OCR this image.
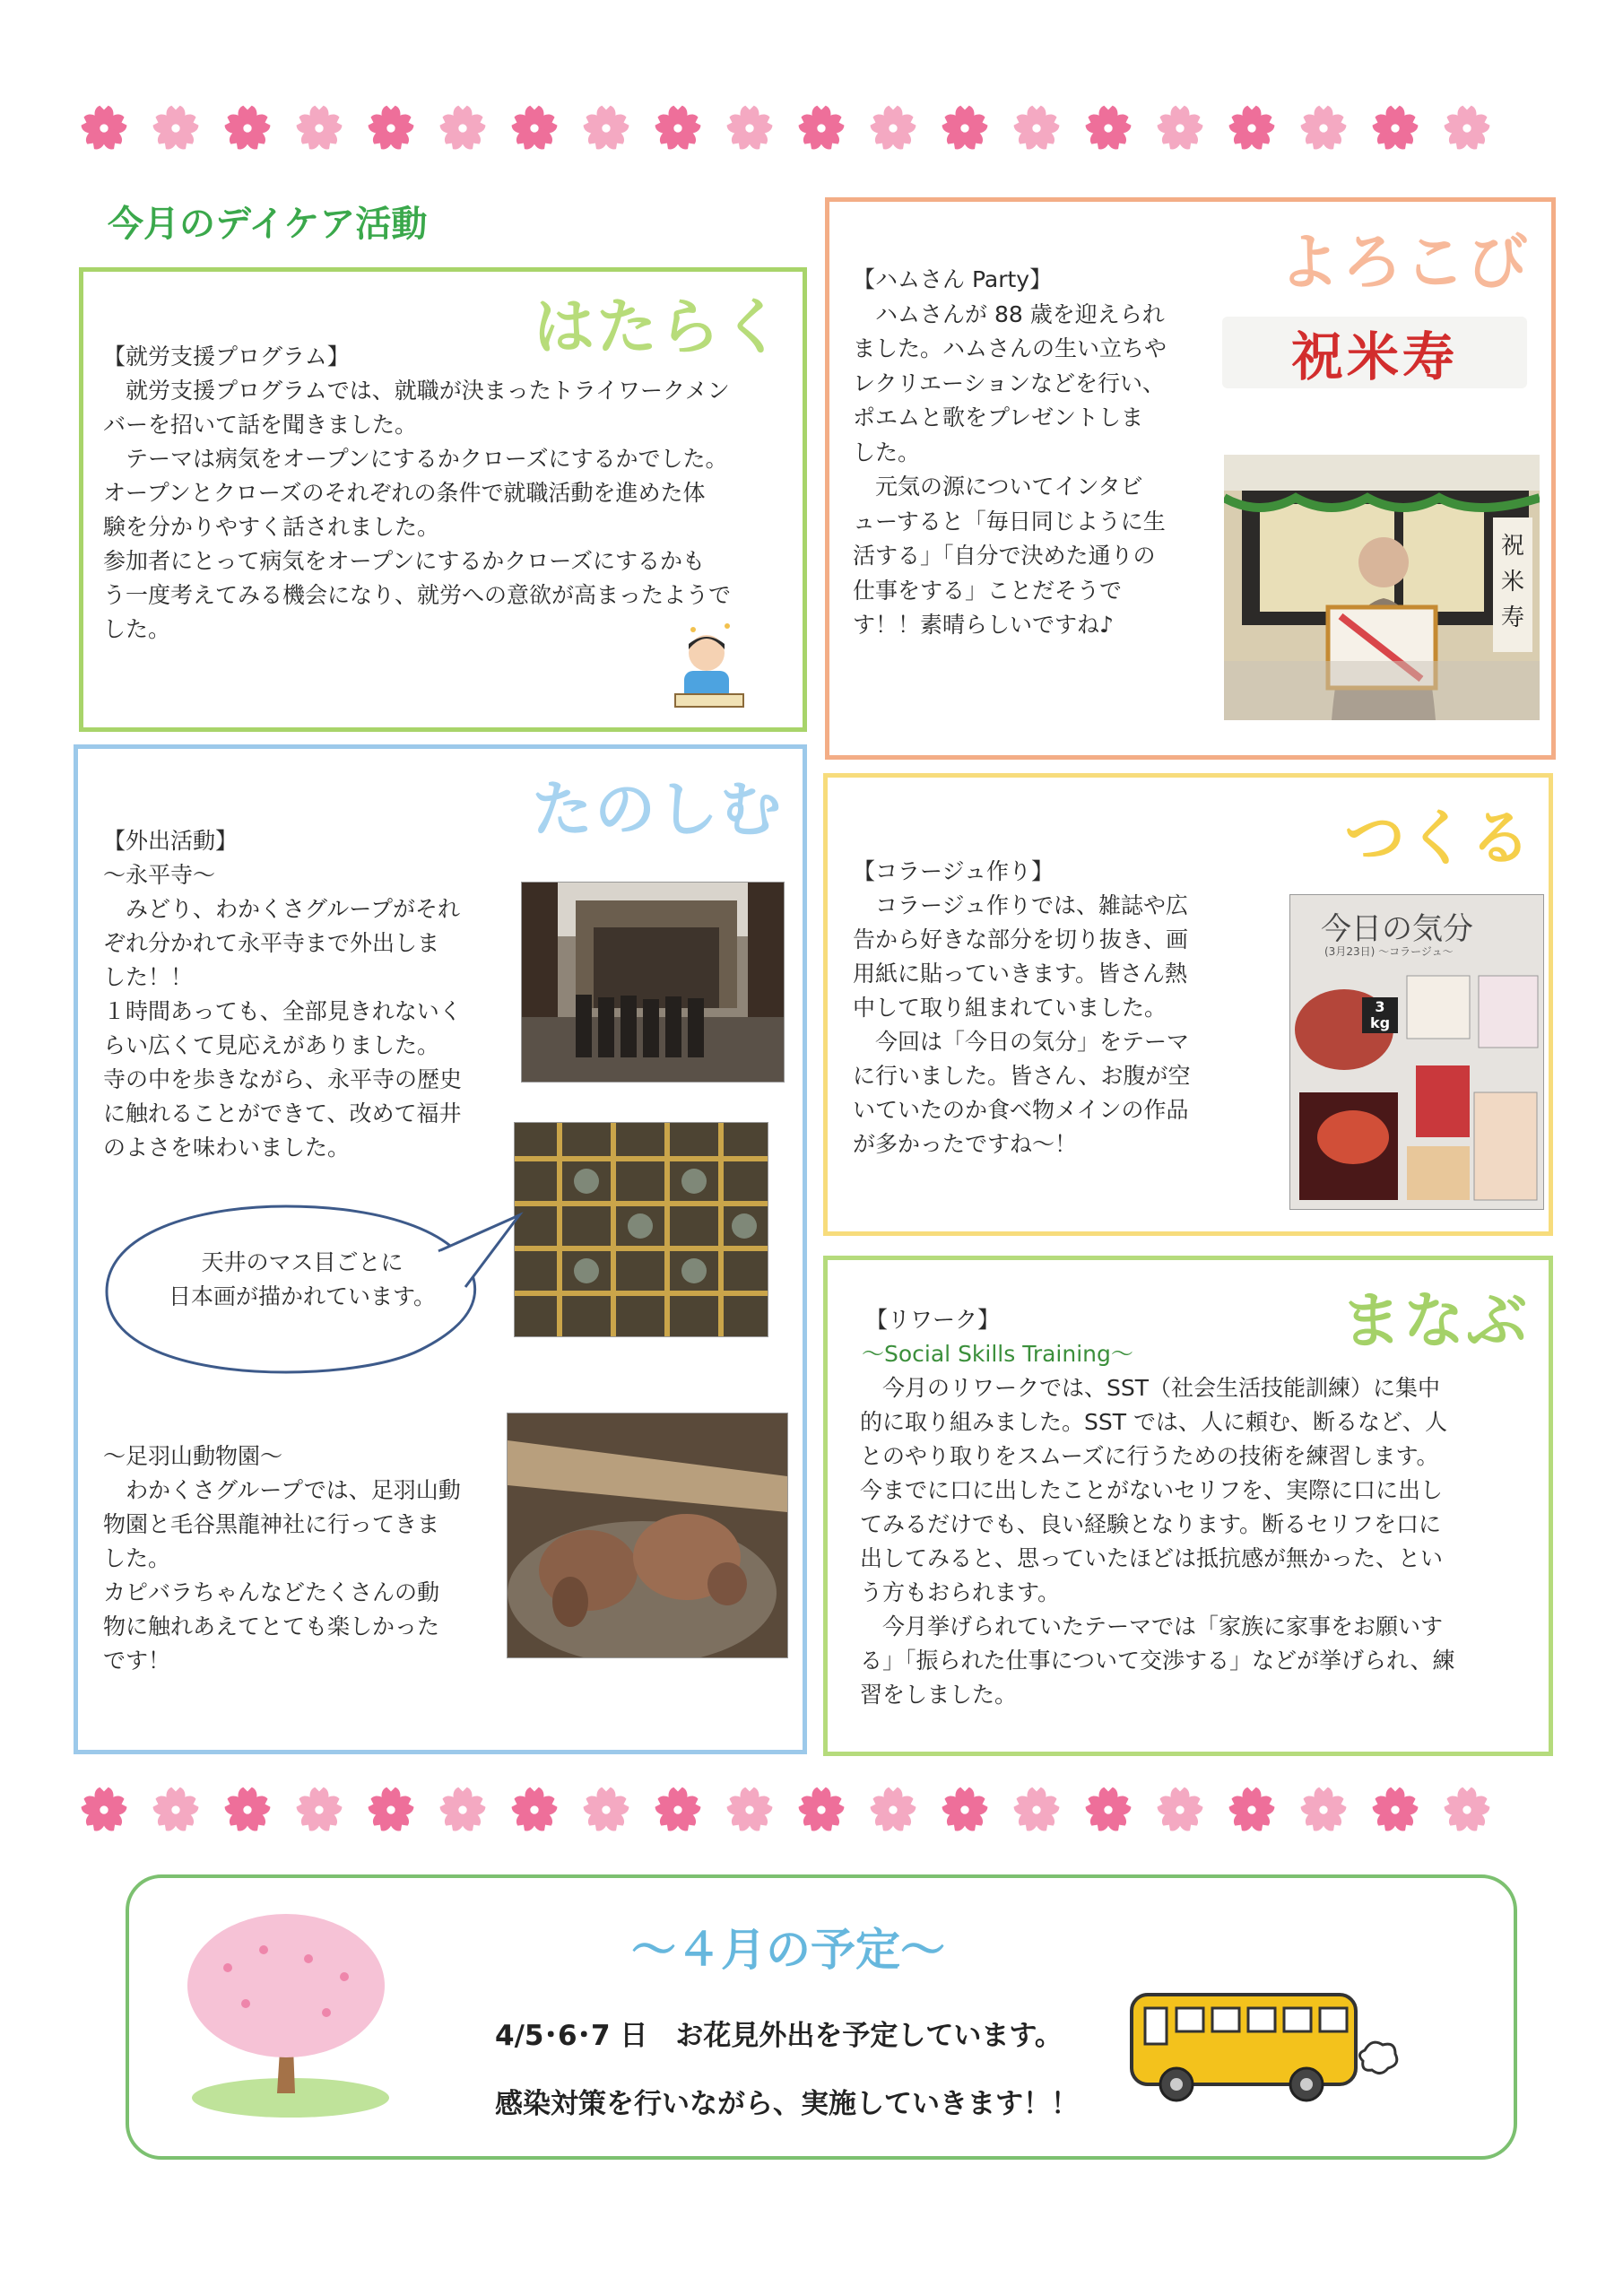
今月のデイケア活動
はたらく
【就労支援プログラム】
　就労支援プログラムでは、就職が決まったトライワークメン
バーを招いて話を聞きました。
　テーマは病気をオープンにするかクローズにするかでした。
オープンとクローズのそれぞれの条件で就職活動を進めた体
験を分かりやすく話されました。
参加者にとって病気をオープンにするかクローズにするかも
う一度考えてみる機会になり、就労への意欲が高まったようで
した。
よろこび
【ハムさん Party】
　ハムさんが 88 歳を迎えられ
ました。ハムさんの生い立ちや
レクリエーションなどを行い、
ポエムと歌をプレゼントしま
した。
　元気の源についてインタビ
ューすると「毎日同じように生
活する」「自分で決めた通りの
仕事をする」ことだそうで
す！！素晴らしいですね♪
祝米寿
祝
米
寿
たのしむ
【外出活動】
～永平寺～
　みどり、わかくさグループがそれ
ぞれ分かれて永平寺まで外出しま
した！！
１時間あっても、全部見きれないく
らい広くて見応えがありました。
寺の中を歩きながら、永平寺の歴史
に触れることができて、改めて福井
のよさを味わいました。
天井のマス目ごとに
日本画が描かれています。
～足羽山動物園～
　わかくさグループでは、足羽山動
物園と毛谷黒龍神社に行ってきま
した。
カピバラちゃんなどたくさんの動
物に触れあえてとても楽しかった
です！
つくる
【コラージュ作り】
　コラージュ作りでは、雑誌や広
告から好きな部分を切り抜き、画
用紙に貼っていきます。皆さん熱
中して取り組まれていました。
　今回は「今日の気分」をテーマ
に行いました。皆さん、お腹が空
いていたのか食べ物メインの作品
が多かったですね～！
今日の気分
(3月23日) ～コラージュ～
3 kg
まなぶ
【リワーク】
～Social Skills Training～
　今月のリワークでは、SST（社会生活技能訓練）に集中
的に取り組みました。SST では、人に頼む、断るなど、人
とのやり取りをスムーズに行うための技術を練習します。
今までに口に出したことがないセリフを、実際に口に出し
てみるだけでも、良い経験となります。断るセリフを口に
出してみると、思っていたほどは抵抗感が無かった、とい
う方もおられます。
　今月挙げられていたテーマでは「家族に家事をお願いす
る」「振られた仕事について交渉する」などが挙げられ、練
習をしました。
～４月の予定～
4/5･6･7 日　お花見外出を予定しています。
感染対策を行いながら、実施していきます！！
